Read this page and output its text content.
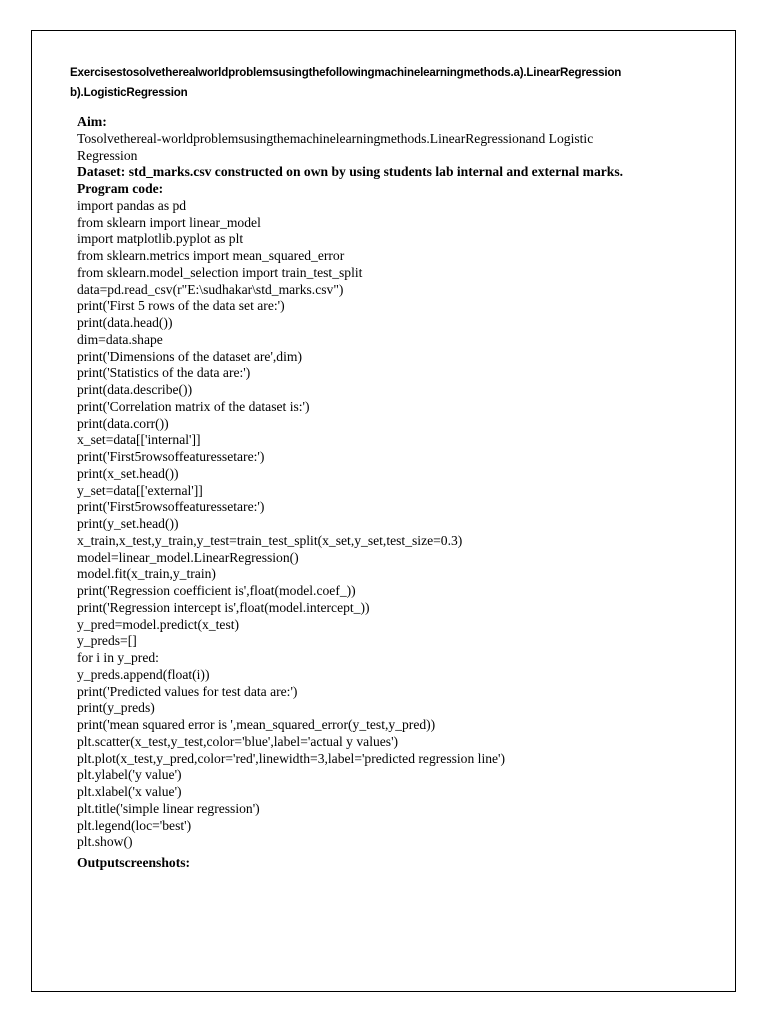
Exercisestosolvetherealworldproblemsusingthefollowingmachinelearningmethods.a).LinearRegression
b).LogisticRegression
Aim:
Tosolvethereal-worldproblemsusingthemachinelearningmethods.LinearRegressionand Logistic
Regression
Dataset: std_marks.csv constructed on own by using students lab internal and external marks.
Program code:
import pandas as pd
from sklearn import linear_model
import matplotlib.pyplot as plt
from sklearn.metrics import mean_squared_error
from sklearn.model_selection import train_test_split
data=pd.read_csv(r"E:\sudhakar\std_marks.csv")
print('First 5 rows of the data set are:')
print(data.head())
dim=data.shape
print('Dimensions of the dataset are',dim)
print('Statistics of the data are:')
print(data.describe())
print('Correlation matrix of the dataset is:')
print(data.corr())
x_set=data[['internal']]
print('First5rowsoffeaturessetare:')
print(x_set.head())
y_set=data[['external']]
print('First5rowsoffeaturessetare:')
print(y_set.head())
x_train,x_test,y_train,y_test=train_test_split(x_set,y_set,test_size=0.3)
model=linear_model.LinearRegression()
model.fit(x_train,y_train)
print('Regression coefficient is',float(model.coef_))
print('Regression intercept is',float(model.intercept_))
y_pred=model.predict(x_test)
y_preds=[]
for i in y_pred:
y_preds.append(float(i))
print('Predicted values for test data are:')
print(y_preds)
print('mean squared error is ',mean_squared_error(y_test,y_pred))
plt.scatter(x_test,y_test,color='blue',label='actual y values')
plt.plot(x_test,y_pred,color='red',linewidth=3,label='predicted regression line')
plt.ylabel('y value')
plt.xlabel('x value')
plt.title('simple linear regression')
plt.legend(loc='best')
plt.show()
Outputscreenshots:
